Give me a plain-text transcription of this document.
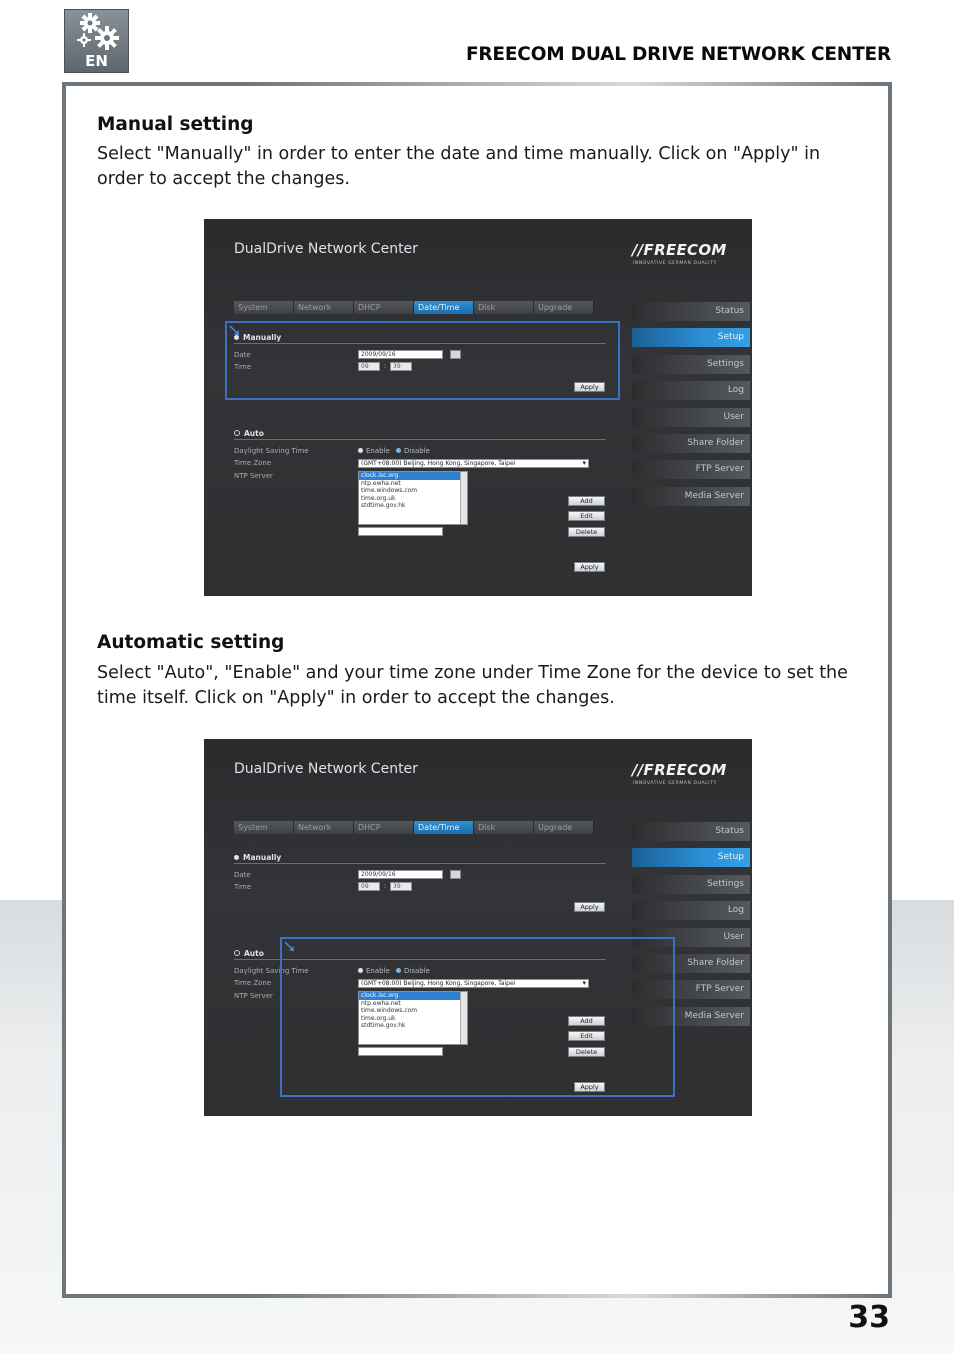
EN	FREECOM DUAL DRIVE NETWORK CENTER
Manual setting
Select "Manually" in order to enter the date and time manually. Click on "Apply" in order to accept the changes.
DualDrive Network Center	//FREECOM
INNOVATIVE GERMAN QUALITY
System	Network	DHCP	Date/Time	Disk	Upgrade
Manually
Date	2009/09/16
Time	09	:	39
Apply
Auto
Daylight Saving Time	Enable	Disable
Time Zone	(GMT+08:00) Beijing, Hong Kong, Singapore, Taipei ▾
NTP Server	clock.isc.org
ntp.ewha.net
time.windows.com
time.org.uk
stdtime.gov.hk
Add
Edit
Delete
Apply
Status
Setup
Settings
Log
User
Share Folder
FTP Server
Media Server
Automatic setting
Select "Auto", "Enable" and your time zone under Time Zone for the device to set the time itself. Click on "Apply" in order to accept the changes.
DualDrive Network Center	//FREECOM
INNOVATIVE GERMAN QUALITY
System	Network	DHCP	Date/Time	Disk	Upgrade
Manually
Date	2009/09/16
Time	09	:	39
Apply
Auto
Daylight Saving Time	Enable	Disable
Time Zone	(GMT+08:00) Beijing, Hong Kong, Singapore, Taipei ▾
NTP Server	clock.isc.org
ntp.ewha.net
time.windows.com
time.org.uk
stdtime.gov.hk
Add
Edit
Delete
Apply
Status
Setup
Settings
Log
User
Share Folder
FTP Server
Media Server
33
